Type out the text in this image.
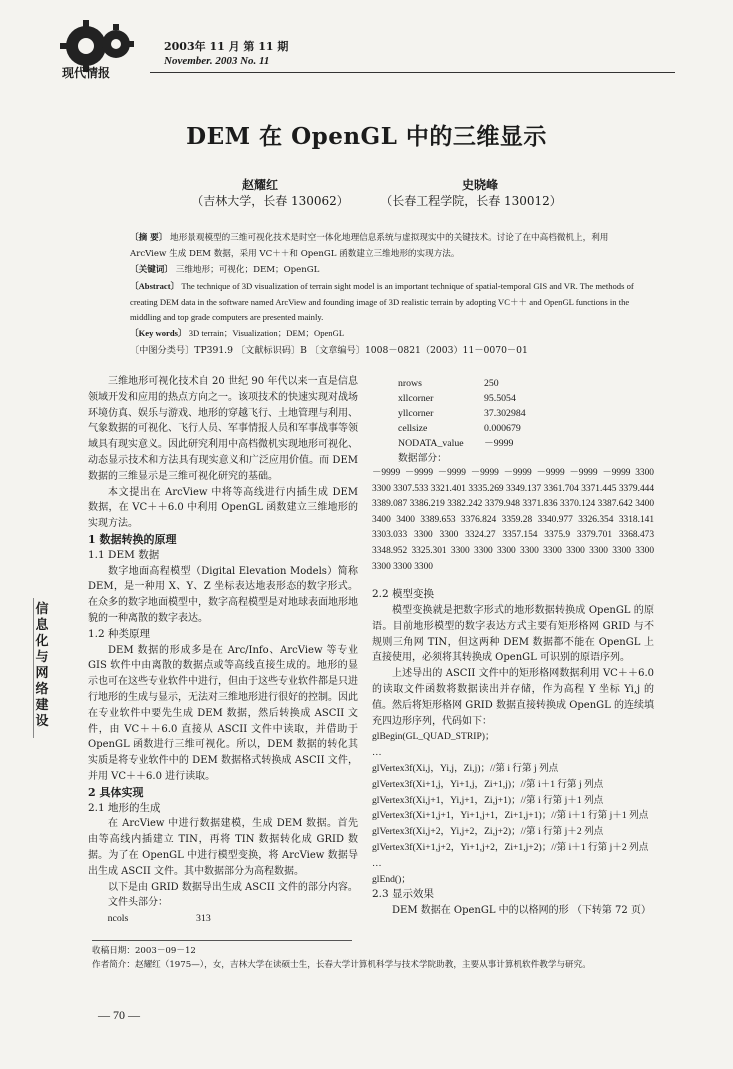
现代情报
2003年 11 月 第 11 期
November. 2003 No. 11
DEM 在 OpenGL 中的三维显示
赵耀红
（吉林大学，长春 130062）
史晓峰
（长春工程学院，长春 130012）
〔摘 要〕 地形景观模型的三维可视化技术是时空一体化地理信息系统与虚拟现实中的关键技术。讨论了在中高档微机上，利用 ArcView 生成 DEM 数据，采用 VC＋＋和 OpenGL 函数建立三维地形的实现方法。
〔关键词〕 三维地形；可视化；DEM；OpenGL
〔Abstract〕 The technique of 3D visualization of terrain sight model is an important technique of spatial-temporal GIS and VR. The methods of creating DEM data in the software named ArcView and founding image of 3D realistic terrain by adopting VC＋＋ and OpenGL functions in the middling and top grade computers are presented mainly.
〔Key words〕 3D terrain；Visualization；DEM；OpenGL
〔中图分类号〕TP391.9 〔文献标识码〕B 〔文章编号〕1008－0821（2003）11－0070－01
信息化与网络建设

三维地形可视化技术自 20 世纪 90 年代以来一直是信息领域开发和应用的热点方向之一。该项技术的快速实现对战场环境仿真、娱乐与游戏、地形的穿越飞行、土地管理与利用、气象数据的可视化、飞行人员、军事情报人员和军事战事等领域具有现实意义。因此研究利用中高档微机实现地形可视化、动态显示技术和方法具有现实意义和广泛应用价值。而 DEM 数据的三维显示是三维可视化研究的基础。

本文提出在 ArcView 中将等高线进行内插生成 DEM 数据，在 VC＋＋6.0 中利用 OpenGL 函数建立三维地形的实现方法。

1 数据转换的原理

1.1 DEM 数据

数字地面高程模型（Digital Elevation Models）简称 DEM，是一种用 X、Y、Z 坐标表达地表形态的数字形式。在众多的数字地面模型中，数字高程模型是对地球表面地形地貌的一种离散的数字表达。

1.2 种类原理

DEM 数据的形成多是在 Arc/Info、ArcView 等专业 GIS 软件中由离散的数据点或等高线直接生成的。地形的显示也可在这些专业软件中进行，但由于这些专业软件都是只进行地形的生成与显示，无法对三维地形进行很好的控制。因此在专业软件中要先生成 DEM 数据，然后转换成 ASCII 文件，由 VC＋＋6.0 直接从 ASCII 文件中读取，并借助于 OpenGL 函数进行三维可视化。所以，DEM 数据的转化其实质是将专业软件中的 DEM 数据格式转换成 ASCII 文件，并用 VC＋＋6.0 进行读取。

2 具体实现

2.1 地形的生成

在 ArcView 中进行数据建模，生成 DEM 数据。首先由等高线内插建立 TIN，再将 TIN 数据转化成 GRID 数据。为了在 OpenGL 中进行模型变换，将 ArcView 数据导出生成 ASCII 文件。其中数据部分为高程数据。

以下是由 GRID 数据导出生成 ASCII 文件的部分内容。

文件头部分：

ncols	313
nrows	250
xllcorner	95.5054
yllcorner	37.302984
cellsize	0.000679
NODATA_value －9999
数据部分：
－9999 －9999 －9999 －9999 －9999 －9999 －9999 －9999 3300 3300 3307.533 3321.401 3335.269 3349.137 3361.704 3371.445 3379.444 3389.087 3386.219 3382.242 3379.948 3371.836 3370.124 3387.642 3400 3400 3400 3389.653 3376.824 3359.28 3340.977 3326.354 3318.141 3303.033 3300 3300 3324.27 3357.154 3375.9 3379.701 3368.473 3348.952 3325.301 3300 3300 3300 3300 3300 3300 3300 3300 3300 3300 3300 3300

2.2 模型变换

模型变换就是把数字形式的地形数据转换成 OpenGL 的原语。目前地形模型的数字表达方式主要有矩形格网 GRID 与不规则三角网 TIN，但这两种 DEM 数据都不能在 OpenGL 上直接使用，必须将其转换成 OpenGL 可识别的原语序列。

上述导出的 ASCII 文件中的矩形格网数据利用 VC＋＋6.0 的读取文件函数将数据读出并存储，作为高程 Y 坐标 Yi,j 的值。然后将矩形格网 GRID 数据直接转换成 OpenGL 的连续填充四边形序列，代码如下：

glBegin(GL_QUAD_STRIP)；
…
glVertex3f(Xi,j，Yi,j，Zi,j)；//第 i 行第 j 列点
glVertex3f(Xi+1,j，Yi+1,j，Zi+1,j)；//第 i＋1 行第 j 列点
glVertex3f(Xi,j+1，Yi,j+1，Zi,j+1)；//第 i 行第 j＋1 列点
glVertex3f(Xi+1,j+1，Yi+1,j+1，Zi+1,j+1)；//第 i＋1 行第 j＋1 列点
glVertex3f(Xi,j+2，Yi,j+2，Zi,j+2)；//第 i 行第 j＋2 列点
glVertex3f(Xi+1,j+2，Yi+1,j+2，Zi+1,j+2)；//第 i＋1 行第 j＋2 列点
…
glEnd()；

2.3 显示效果

DEM 数据在 OpenGL 中的以格网的形 （下转第 72 页）

收稿日期：2003－09－12
作者简介：赵耀红（1975—），女，吉林大学在读硕士生，长春大学计算机科学与技术学院助教，主要从事计算机软件教学与研究。
— 70 —
